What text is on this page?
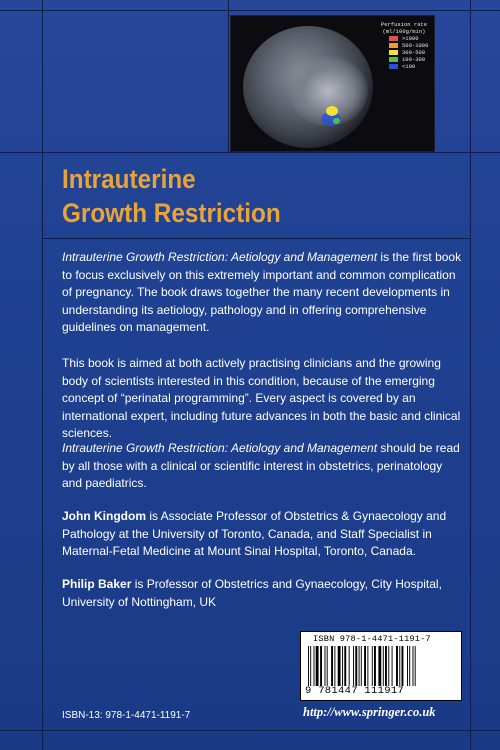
Perfusion rate
(ml/100g/min)
>1000
500-1000
300-500
100-300
<100
Intrauterine
Growth Restriction

Intrauterine Growth Restriction: Aetiology and Management is the first book to focus exclusively on this extremely important and common complication of pregnancy. The book draws together the many recent developments in understanding its aetiology, pathology and in offering comprehensive guidelines on management.

This book is aimed at both actively practising clinicians and the growing body of scientists interested in this condition, because of the emerging concept of “perinatal programming”. Every aspect is covered by an international expert, including future advances in both the basic and clinical sciences.

Intrauterine Growth Restriction: Aetiology and Management should be read by all those with a clinical or scientific interest in obstetrics, perinatology and paediatrics.

John Kingdom is Associate Professor of Obstetrics & Gynaecology and Pathology at the University of Toronto, Canada, and Staff Specialist in Maternal-Fetal Medicine at Mount Sinai Hospital, Toronto, Canada.

Philip Baker is Professor of Obstetrics and Gynaecology, City Hospital, University of Nottingham, UK

ISBN 978-1-4471-1191-7
9 781447 111917
ISBN-13: 978-1-4471-1191-7	http://www.springer.co.uk
